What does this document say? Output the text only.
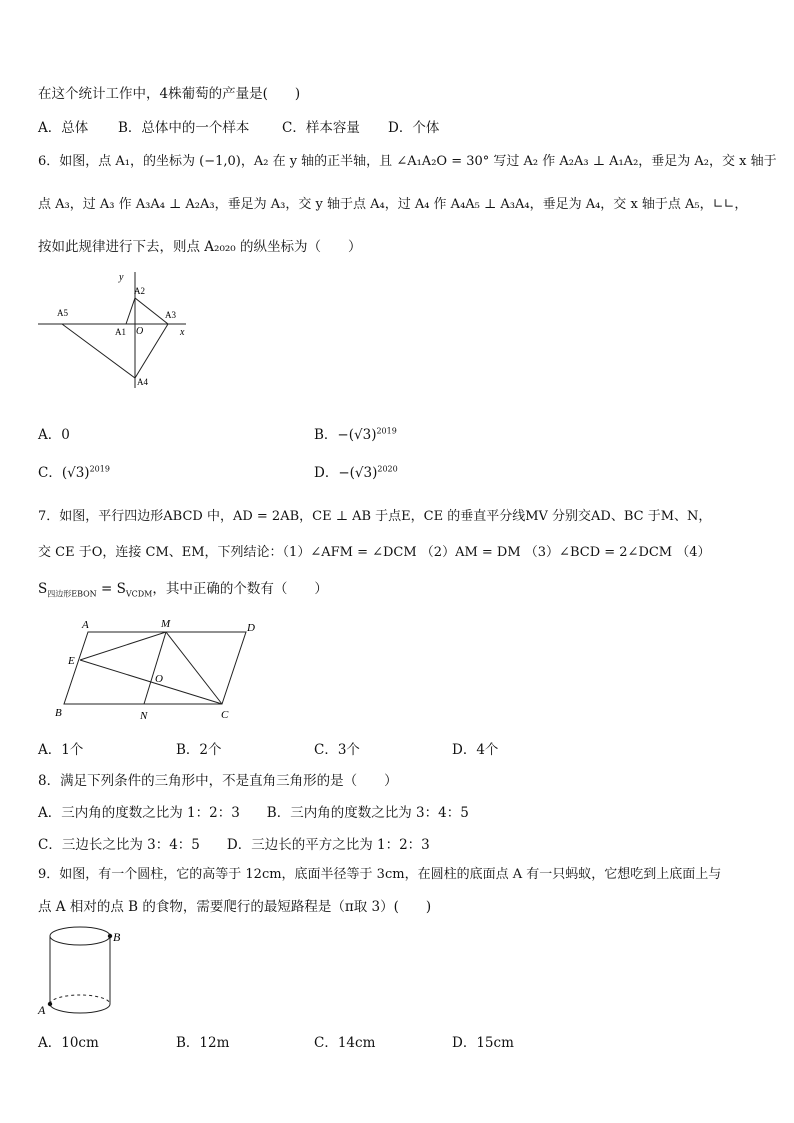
在这个统计工作中，4株葡萄的产量是(　　)
A．总体 B．总体中的一个样本 C．样本容量 D．个体
6．如图，点 A₁，的坐标为 (−1,0)，A₂ 在 y 轴的正半轴，且 ∠A₁A₂O = 30° 写过 A₂ 作 A₂A₃ ⊥ A₁A₂，垂足为 A₂，交 x 轴于
点 A₃，过 A₃ 作 A₃A₄ ⊥ A₂A₃，垂足为 A₃，交 y 轴于点 A₄，过 A₄ 作 A₄A₅ ⊥ A₃A₄，垂足为 A₄，交 x 轴于点 A₅，∟∟，
按如此规律进行下去，则点 A₂₀₂₀ 的纵坐标为（　　）
y
x
A2
A3
A1 O
A5
A4
A．0	B．$-(√3)^{2019}$
C．$(√3)^{2019}$	D．$-(√3)^{2020}$
7．如图，平行四边形ABCD 中，AD = 2AB，CE ⊥ AB 于点E，CE 的垂直平分线MV 分别交AD、BC 于M、N，
交 CE 于O，连接 CM、EM，下列结论：（1）∠AFM = ∠DCM （2）AM = DM （3）∠BCD = 2∠DCM （4）
$S_{四边形EBON} = S_{VCDM}$，其中正确的个数有（　　）
A	M	D
E
O
B	N	C
A．1个	B．2个	C．3个	D．4个
8．满足下列条件的三角形中，不是直角三角形的是（　　）
A．三内角的度数之比为 1：2：3　　B．三内角的度数之比为 3：4：5
C．三边长之比为 3：4：5　　D．三边长的平方之比为 1：2：3
9．如图，有一个圆柱，它的高等于 12cm，底面半径等于 3cm，在圆柱的底面点 A 有一只蚂蚁，它想吃到上底面上与
点 A 相对的点 B 的食物，需要爬行的最短路程是（π取 3）(　　)
B
A
A．10cm	B．12m	C．14cm	D．15cm
